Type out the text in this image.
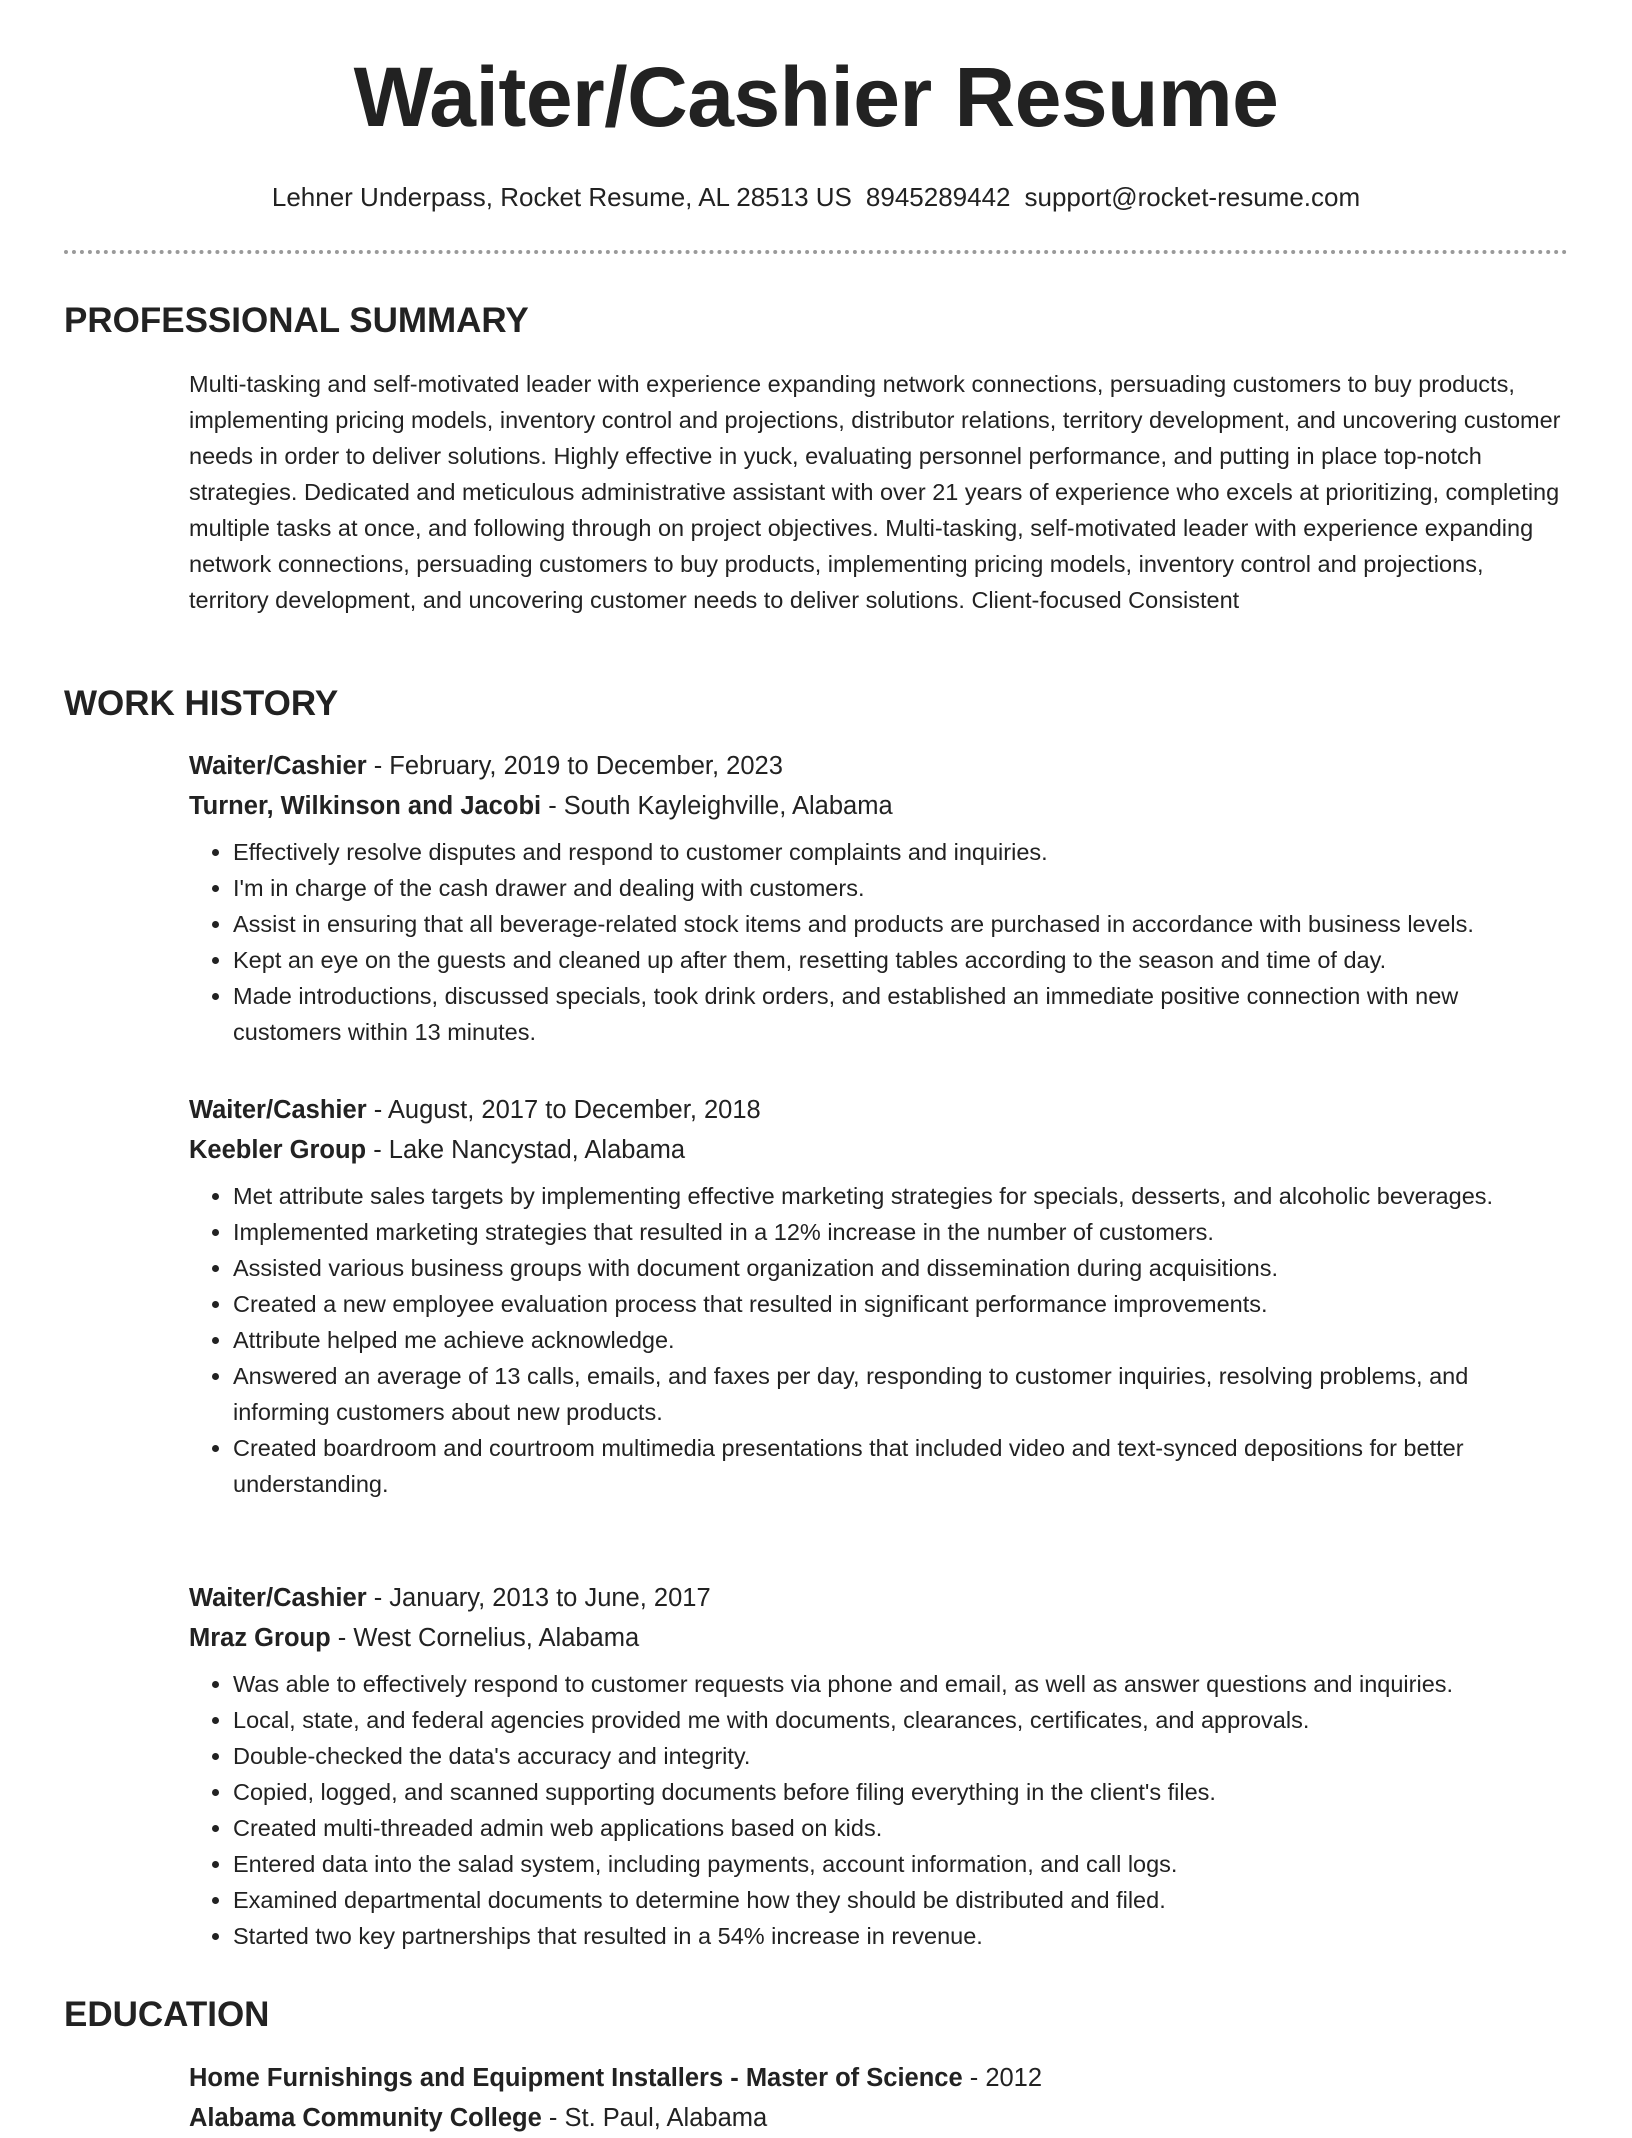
Waiter/Cashier Resume
Lehner Underpass, Rocket Resume, AL 28513 US 8945289442 support@rocket-resume.com
PROFESSIONAL SUMMARY

Multi-tasking and self-motivated leader with experience expanding network connections, persuading customers to buy products, implementing pricing models, inventory control and projections, distributor relations, territory development, and uncovering customer needs in order to deliver solutions. Highly effective in yuck, evaluating personnel performance, and putting in place top-notch strategies. Dedicated and meticulous administrative assistant with over 21 years of experience who excels at prioritizing, completing multiple tasks at once, and following through on project objectives. Multi-tasking, self-motivated leader with experience expanding network connections, persuading customers to buy products, implementing pricing models, inventory control and projections, territory development, and uncovering customer needs to deliver solutions. Client-focused Consistent

WORK HISTORY
Waiter/Cashier - February, 2019 to December, 2023
Turner, Wilkinson and Jacobi - South Kayleighville, Alabama
• Effectively resolve disputes and respond to customer complaints and inquiries.
• I'm in charge of the cash drawer and dealing with customers.
• Assist in ensuring that all beverage-related stock items and products are purchased in accordance with business levels.
• Kept an eye on the guests and cleaned up after them, resetting tables according to the season and time of day.
• Made introductions, discussed specials, took drink orders, and established an immediate positive connection with new customers within 13 minutes.
Waiter/Cashier - August, 2017 to December, 2018
Keebler Group - Lake Nancystad, Alabama
• Met attribute sales targets by implementing effective marketing strategies for specials, desserts, and alcoholic beverages.
• Implemented marketing strategies that resulted in a 12% increase in the number of customers.
• Assisted various business groups with document organization and dissemination during acquisitions.
• Created a new employee evaluation process that resulted in significant performance improvements.
• Attribute helped me achieve acknowledge.
• Answered an average of 13 calls, emails, and faxes per day, responding to customer inquiries, resolving problems, and informing customers about new products.
• Created boardroom and courtroom multimedia presentations that included video and text-synced depositions for better understanding.
Waiter/Cashier - January, 2013 to June, 2017
Mraz Group - West Cornelius, Alabama
• Was able to effectively respond to customer requests via phone and email, as well as answer questions and inquiries.
• Local, state, and federal agencies provided me with documents, clearances, certificates, and approvals.
• Double-checked the data's accuracy and integrity.
• Copied, logged, and scanned supporting documents before filing everything in the client's files.
• Created multi-threaded admin web applications based on kids.
• Entered data into the salad system, including payments, account information, and call logs.
• Examined departmental documents to determine how they should be distributed and filed.
• Started two key partnerships that resulted in a 54% increase in revenue.
EDUCATION
Home Furnishings and Equipment Installers - Master of Science - 2012
Alabama Community College - St. Paul, Alabama
